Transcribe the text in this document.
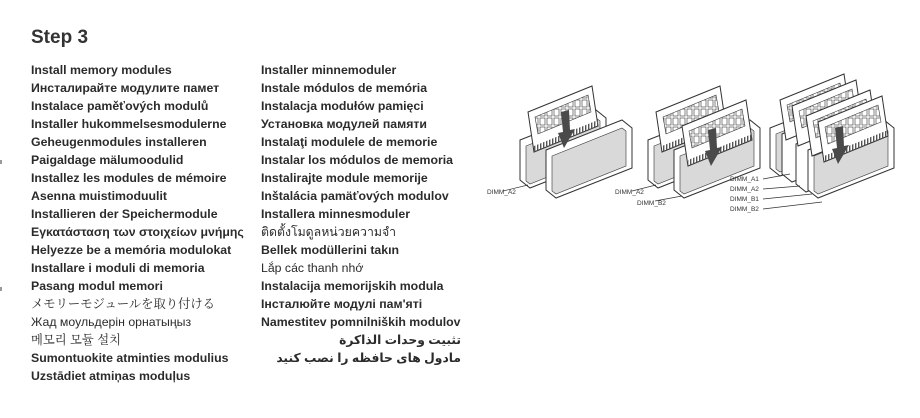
Step 3
Install memory modules
Инсталирайте модулите памет
Instalace paměťových modulů
Installer hukommelsesmodulerne
Geheugenmodules installeren
Paigaldage mälumoodulid
Installez les modules de mémoire
Asenna muistimoduulit
Installieren der Speichermodule
Εγκατάσταση των στοιχείων μνήμης
Helyezze be a memória modulokat
Installare i moduli di memoria
Pasang modul memori
メモリーモジュールを取り付ける
Жад моульдерін орнатыңыз
메모리 모듈 설치
Sumontuokite atminties modulius
Uzstādiet atmiņas moduļus
Installer minnemoduler
Instale módulos de memória
Instalacja modułów pamięci
Установка модулей памяти
Instalaţi modulele de memorie
Instalar los módulos de memoria
Instalirajte module memorije
Inštalácia pamäťových modulov
Installera minnesmoduler
ติดตั้งโมดูลหน่วยความจำ
Bellek modüllerini takın
Lắp các thanh nhớ
Instalacija memorijskih modula
Інсталюйте модулі пам'яті
Namestitev pomnilniških modulov
تثبيت وحدات الذاكرة
مادول های حافظه را نصب کنید
DIMM_A2	DIMM_A2
DIMM_B2
DIMM_A1
DIMM_A2
DIMM_B1
DIMM_B2
